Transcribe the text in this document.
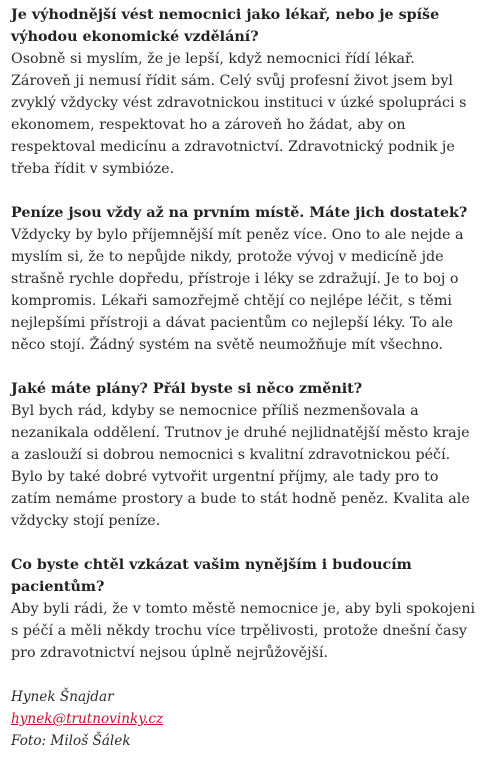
Je výhodnější vést nemocnici jako lékař, nebo je spíše výhodou ekonomické vzdělání?

Osobně si myslím, že je lepší, když nemocnici řídí lékař. Zároveň ji nemusí řídit sám. Celý svůj profesní život jsem byl zvyklý vždycky vést zdravotnickou instituci v úzké spolupráci s ekonomem, respektovat ho a zároveň ho žádat, aby on respektoval medicínu a zdravotnictví. Zdravotnický podnik je třeba řídit v symbióze.

Peníze jsou vždy až na prvním místě. Máte jich dostatek?

Vždycky by bylo příjemnější mít peněz více. Ono to ale nejde a myslím si, že to nepůjde nikdy, protože vývoj v medicíně jde strašně rychle dopředu, přístroje i léky se zdražují. Je to boj o kompromis. Lékaři samozřejmě chtějí co nejlépe léčit, s těmi nejlepšími přístroji a dávat pacientům co nejlepší léky. To ale něco stojí. Žádný systém na světě neumožňuje mít všechno.

Jaké máte plány? Přál byste si něco změnit?

Byl bych rád, kdyby se nemocnice příliš nezmenšovala a nezanikala oddělení. Trutnov je druhé nejlidnatější město kraje a zaslouží si dobrou nemocnici s kvalitní zdravotnickou péčí. Bylo by také dobré vytvořit urgentní příjmy, ale tady pro to zatím nemáme prostory a bude to stát hodně peněz. Kvalita ale vždycky stojí peníze.

Co byste chtěl vzkázat vašim nynějším i budoucím pacientům?

Aby byli rádi, že v tomto městě nemocnice je, aby byli spokojeni s péčí a měli někdy trochu více trpělivosti, protože dnešní časy pro zdravotnictví nejsou úplně nejrůžovější.

Hynek Šnajdar
hynek@trutnovinky.cz
Foto: Miloš Šálek
